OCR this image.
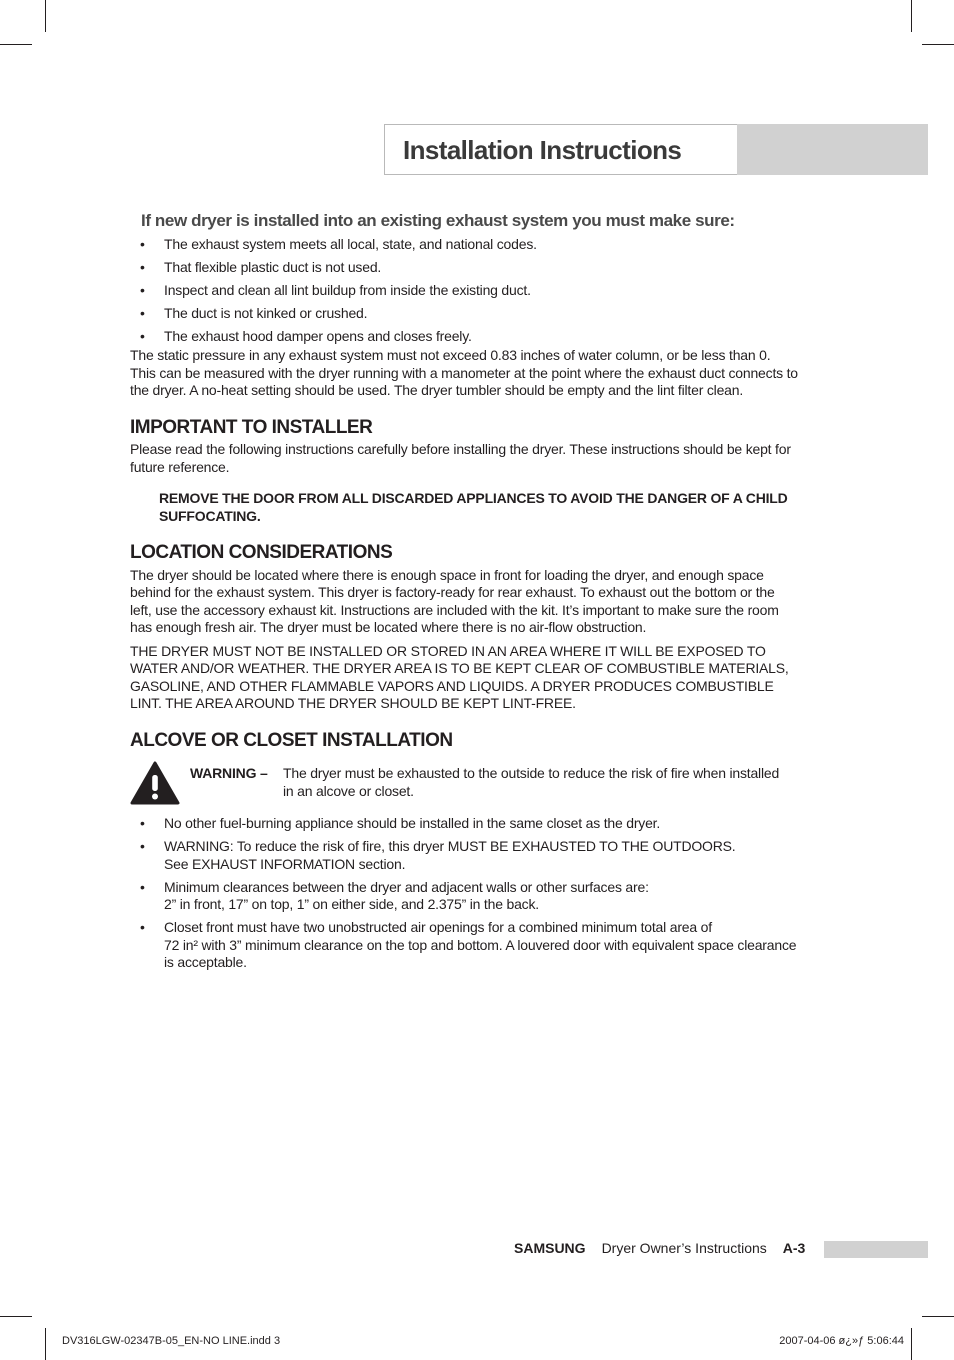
Installation Instructions
If new dryer is installed into an existing exhaust system you must make sure:
• The exhaust system meets all local, state, and national codes.
• That flexible plastic duct is not used.
• Inspect and clean all lint buildup from inside the existing duct.
• The duct is not kinked or crushed.
• The exhaust hood damper opens and closes freely.

The static pressure in any exhaust system must not exceed 0.83 inches of water column, or be less than 0. This can be measured with the dryer running with a manometer at the point where the exhaust duct connects to the dryer. A no-heat setting should be used. The dryer tumbler should be empty and the lint filter clean.

IMPORTANT TO INSTALLER

Please read the following instructions carefully before installing the dryer. These instructions should be kept for future reference.

REMOVE THE DOOR FROM ALL DISCARDED APPLIANCES TO AVOID THE DANGER OF A CHILD SUFFOCATING.

LOCATION CONSIDERATIONS

The dryer should be located where there is enough space in front for loading the dryer, and enough space behind for the exhaust system. This dryer is factory-ready for rear exhaust. To exhaust out the bottom or the left, use the accessory exhaust kit. Instructions are included with the kit. It’s important to make sure the room has enough fresh air. The dryer must be located where there is no air-flow obstruction.

THE DRYER MUST NOT BE INSTALLED OR STORED IN AN AREA WHERE IT WILL BE EXPOSED TO WATER AND/OR WEATHER. THE DRYER AREA IS TO BE KEPT CLEAR OF COMBUSTIBLE MATERIALS, GASOLINE, AND OTHER FLAMMABLE VAPORS AND LIQUIDS. A DRYER PRODUCES COMBUSTIBLE LINT. THE AREA AROUND THE DRYER SHOULD BE KEPT LINT-FREE.

ALCOVE OR CLOSET INSTALLATION
WARNING – The dryer must be exhausted to the outside to reduce the risk of fire when installed in an alcove or closet.
• No other fuel-burning appliance should be installed in the same closet as the dryer.
• WARNING: To reduce the risk of fire, this dryer MUST BE EXHAUSTED TO THE OUTDOORS.
See EXHAUST INFORMATION section.
• Minimum clearances between the dryer and adjacent walls or other surfaces are:
2” in front, 17” on top, 1” on either side, and 2.375” in the back.
• Closet front must have two unobstructed air openings for a combined minimum total area of
72 in² with 3” minimum clearance on the top and bottom. A louvered door with equivalent space clearance is acceptable.
SAMSUNG Dryer Owner’s Instructions A-3
DV316LGW-02347B-05_EN-NO LINE.indd 3	2007-04-06 ø¿»ƒ 5:06:44
